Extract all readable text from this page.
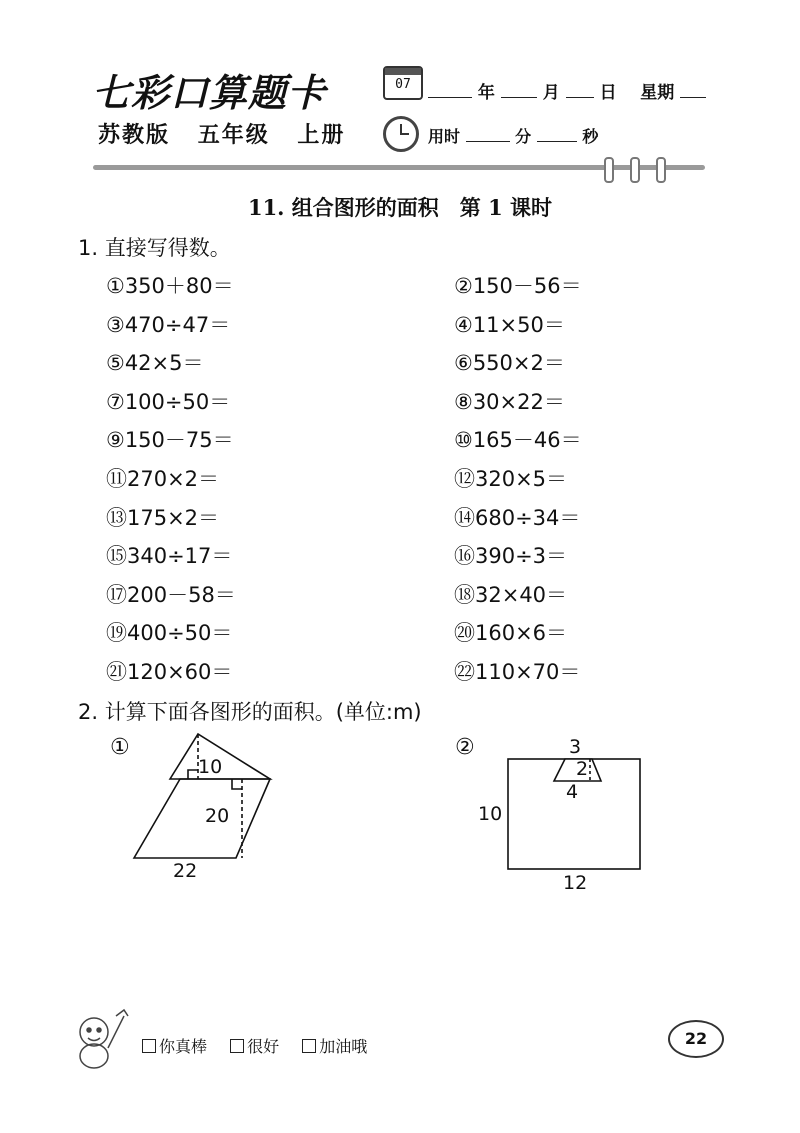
七彩口算题卡
苏教版 五年级 上册
07	年	月 日 星期
用时	分	秒
11. 组合图形的面积　第 1 课时
1. 直接写得数。
①350＋80＝	②150－56＝
③470÷47＝	④11×50＝
⑤42×5＝	⑥550×2＝
⑦100÷50＝	⑧30×22＝
⑨150－75＝	⑩165－46＝
⑪270×2＝	⑫320×5＝
⑬175×2＝	⑭680÷34＝
⑮340÷17＝	⑯390÷3＝
⑰200－58＝	⑱32×40＝
⑲400÷50＝	⑳160×6＝
㉑120×60＝	㉒110×70＝
2. 计算下面各图形的面积。(单位:m)
①
10
20
22
②	3
2
4
10
12
你真棒	很好	加油哦	22
